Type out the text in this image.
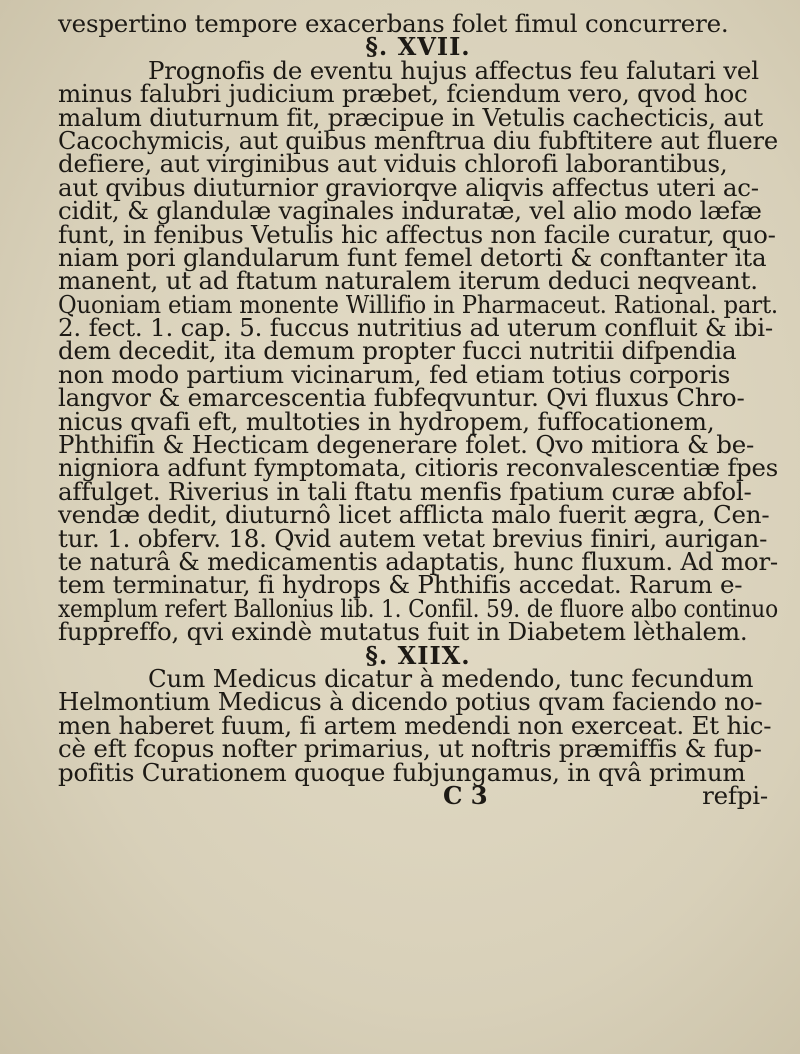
vespertino tempore exacerbans folet fimul concurrere.
§. XVII.
Prognofis de eventu hujus affectus feu falutari vel
minus falubri judicium præbet, fciendum vero, qvod hoc
malum diuturnum fit, præcipue in Vetulis cachecticis, aut
Cacochymicis, aut quibus menftrua diu fubftitere aut fluere
defiere, aut virginibus aut viduis chlorofi laborantibus,
aut qvibus diuturnior graviorqve aliqvis affectus uteri ac-
cidit, & glandulæ vaginales induratæ, vel alio modo læfæ
funt, in fenibus Vetulis hic affectus non facile curatur, quo-
niam pori glandularum funt femel detorti & conftanter ita
manent, ut ad ftatum naturalem iterum deduci neqveant.
Quoniam etiam monente Willifio in Pharmaceut. Rational. part.
2. fect. 1. cap. 5. fuccus nutritius ad uterum confluit & ibi-
dem decedit, ita demum propter fucci nutritii difpendia
non modo partium vicinarum, fed etiam totius corporis
langvor & emarcescentia fubfeqvuntur. Qvi fluxus Chro-
nicus qvafi eft, multoties in hydropem, fuffocationem,
Phthifin & Hecticam degenerare folet. Qvo mitiora & be-
nigniora adfunt fymptomata, citioris reconvalescentiæ fpes
affulget. Riverius in tali ftatu menfis fpatium curæ abfol-
vendæ dedit, diuturnô licet afflicta malo fuerit ægra, Cen-
tur. 1. obferv. 18. Qvid autem vetat brevius finiri, aurigan-
te naturâ & medicamentis adaptatis, hunc fluxum. Ad mor-
tem terminatur, fi hydrops & Phthifis accedat. Rarum e-
xemplum refert Ballonius lib. 1. Confil. 59. de fluore albo continuo
fuppreffo, qvi exindè mutatus fuit in Diabetem lèthalem.
§. XIIX.
Cum Medicus dicatur à medendo, tunc fecundum
Helmontium Medicus à dicendo potius qvam faciendo no-
men haberet fuum, fi artem medendi non exerceat. Et hic-
cè eft fcopus nofter primarius, ut noftris præmiffis & fup-
pofitis Curationem quoque fubjungamus, in qvâ primum
C 3	refpi-
